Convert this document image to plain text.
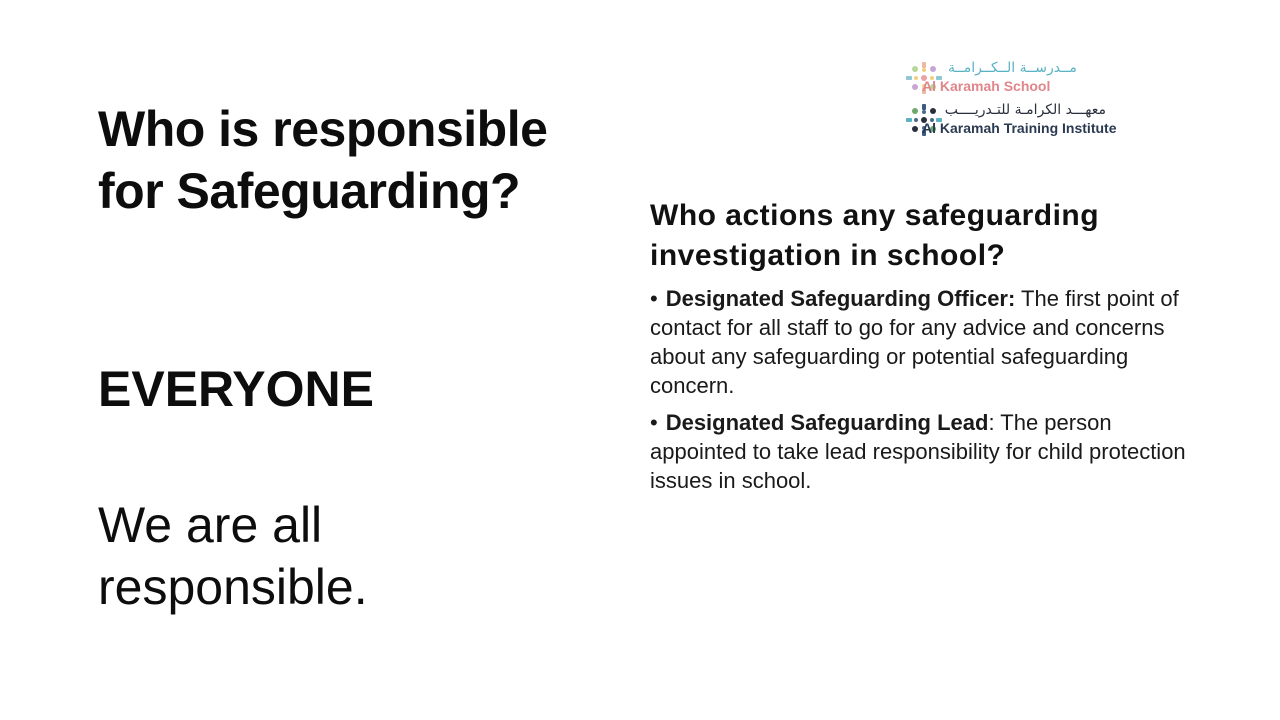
Who is responsible for Safeguarding?
EVERYONE
We are all responsible.
مــدرســة الــكــرامــة
Al Karamah School
معهـــد الكرامـة للتـدريــــب
Al Karamah Training Institute
Who actions any safeguarding investigation in school?
• Designated Safeguarding Officer: The first point of contact for all staff to go for any advice and concerns about any safeguarding or potential safeguarding concern.
• Designated Safeguarding Lead: The person appointed to take lead responsibility for child protection issues in school.
